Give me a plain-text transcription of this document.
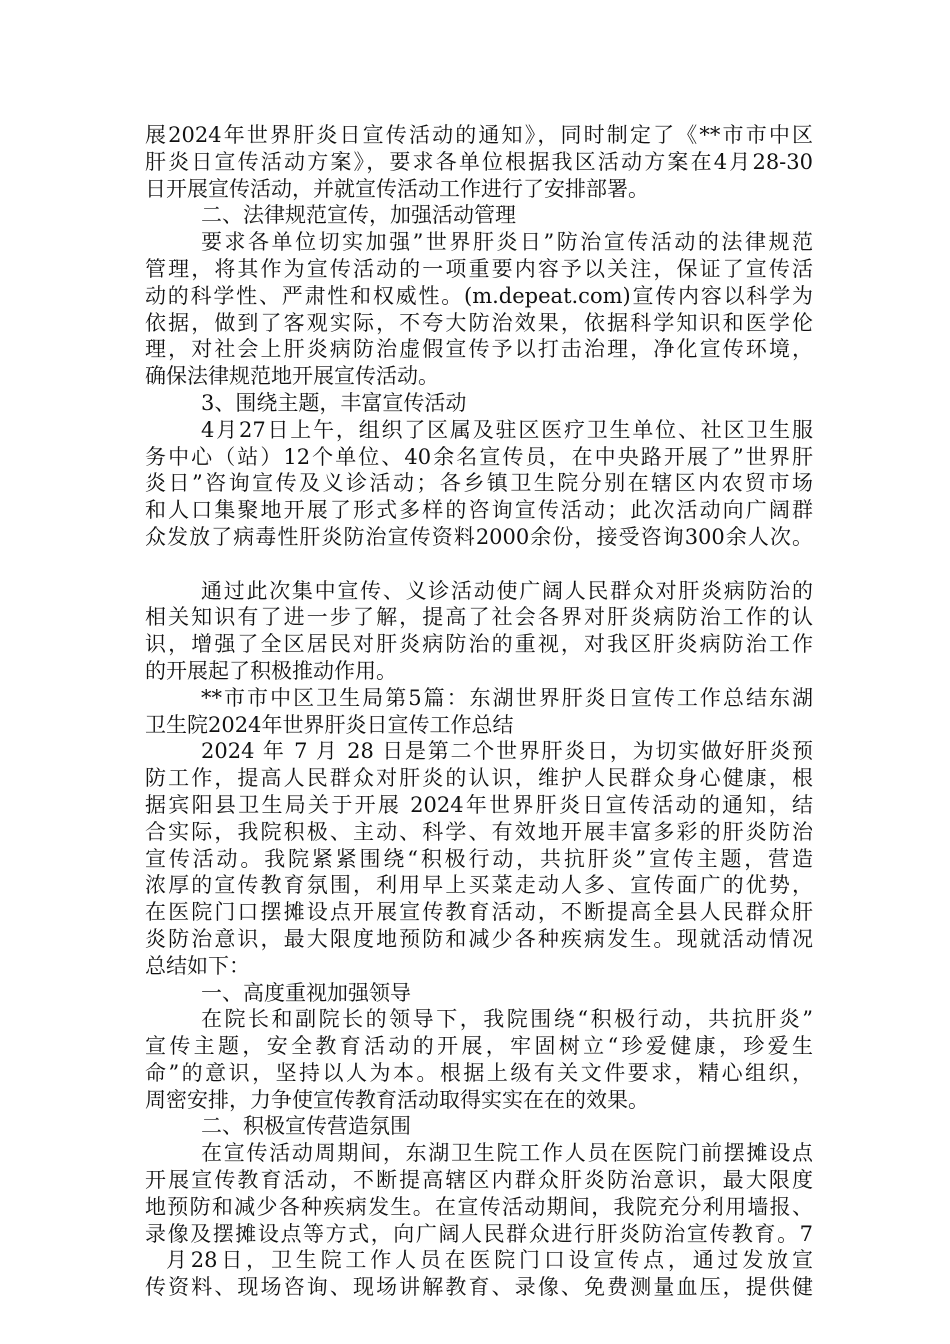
展2024年世界肝炎日宣传活动的通知》，同时制定了《**市市中区
肝炎日宣传活动方案》，要求各单位根据我区活动方案在4月28-30
日开展宣传活动，并就宣传活动工作进行了安排部署。
二、法律规范宣传，加强活动管理
要求各单位切实加强”世界肝炎日”防治宣传活动的法律规范
管理，将其作为宣传活动的一项重要内容予以关注，保证了宣传活
动的科学性、严肃性和权威性。(m.depeat.com)宣传内容以科学为
依据，做到了客观实际，不夸大防治效果，依据科学知识和医学伦
理，对社会上肝炎病防治虚假宣传予以打击治理，净化宣传环境，
确保法律规范地开展宣传活动。
3、围绕主题，丰富宣传活动
4月27日上午，组织了区属及驻区医疗卫生单位、社区卫生服
务中心（站）12个单位、40余名宣传员，在中央路开展了”世界肝
炎日”咨询宣传及义诊活动；各乡镇卫生院分别在辖区内农贸市场
和人口集聚地开展了形式多样的咨询宣传活动；此次活动向广阔群
众发放了病毒性肝炎防治宣传资料2000余份，接受咨询300余人次。
通过此次集中宣传、义诊活动使广阔人民群众对肝炎病防治的
相关知识有了进一步了解，提高了社会各界对肝炎病防治工作的认
识，增强了全区居民对肝炎病防治的重视，对我区肝炎病防治工作
的开展起了积极推动作用。
**市市中区卫生局第5篇：东湖世界肝炎日宣传工作总结东湖
卫生院2024年世界肝炎日宣传工作总结
2024 年 7 月 28 日是第二个世界肝炎日，为切实做好肝炎预
防工作，提高人民群众对肝炎的认识，维护人民群众身心健康，根
据宾阳县卫生局关于开展 2024年世界肝炎日宣传活动的通知，结
合实际，我院积极、主动、科学、有效地开展丰富多彩的肝炎防治
宣传活动。我院紧紧围绕“积极行动，共抗肝炎”宣传主题，营造
浓厚的宣传教育氛围，利用早上买菜走动人多、宣传面广的优势，
在医院门口摆摊设点开展宣传教育活动，不断提高全县人民群众肝
炎防治意识，最大限度地预防和减少各种疾病发生。现就活动情况
总结如下：
一、高度重视加强领导
在院长和副院长的领导下，我院围绕“积极行动，共抗肝炎”
宣传主题，安全教育活动的开展，牢固树立“珍爱健康，珍爱生
命”的意识，坚持以人为本。根据上级有关文件要求，精心组织，
周密安排，力争使宣传教育活动取得实实在在的效果。
二、积极宣传营造氛围
在宣传活动周期间，东湖卫生院工作人员在医院门前摆摊设点
开展宣传教育活动，不断提高辖区内群众肝炎防治意识，最大限度
地预防和减少各种疾病发生。在宣传活动期间，我院充分利用墙报、
录像及摆摊设点等方式，向广阔人民群众进行肝炎防治宣传教育。7
月28日，卫生院工作人员在医院门口设宣传点，通过发放宣
传资料、现场咨询、现场讲解教育、录像、免费测量血压，提供健
